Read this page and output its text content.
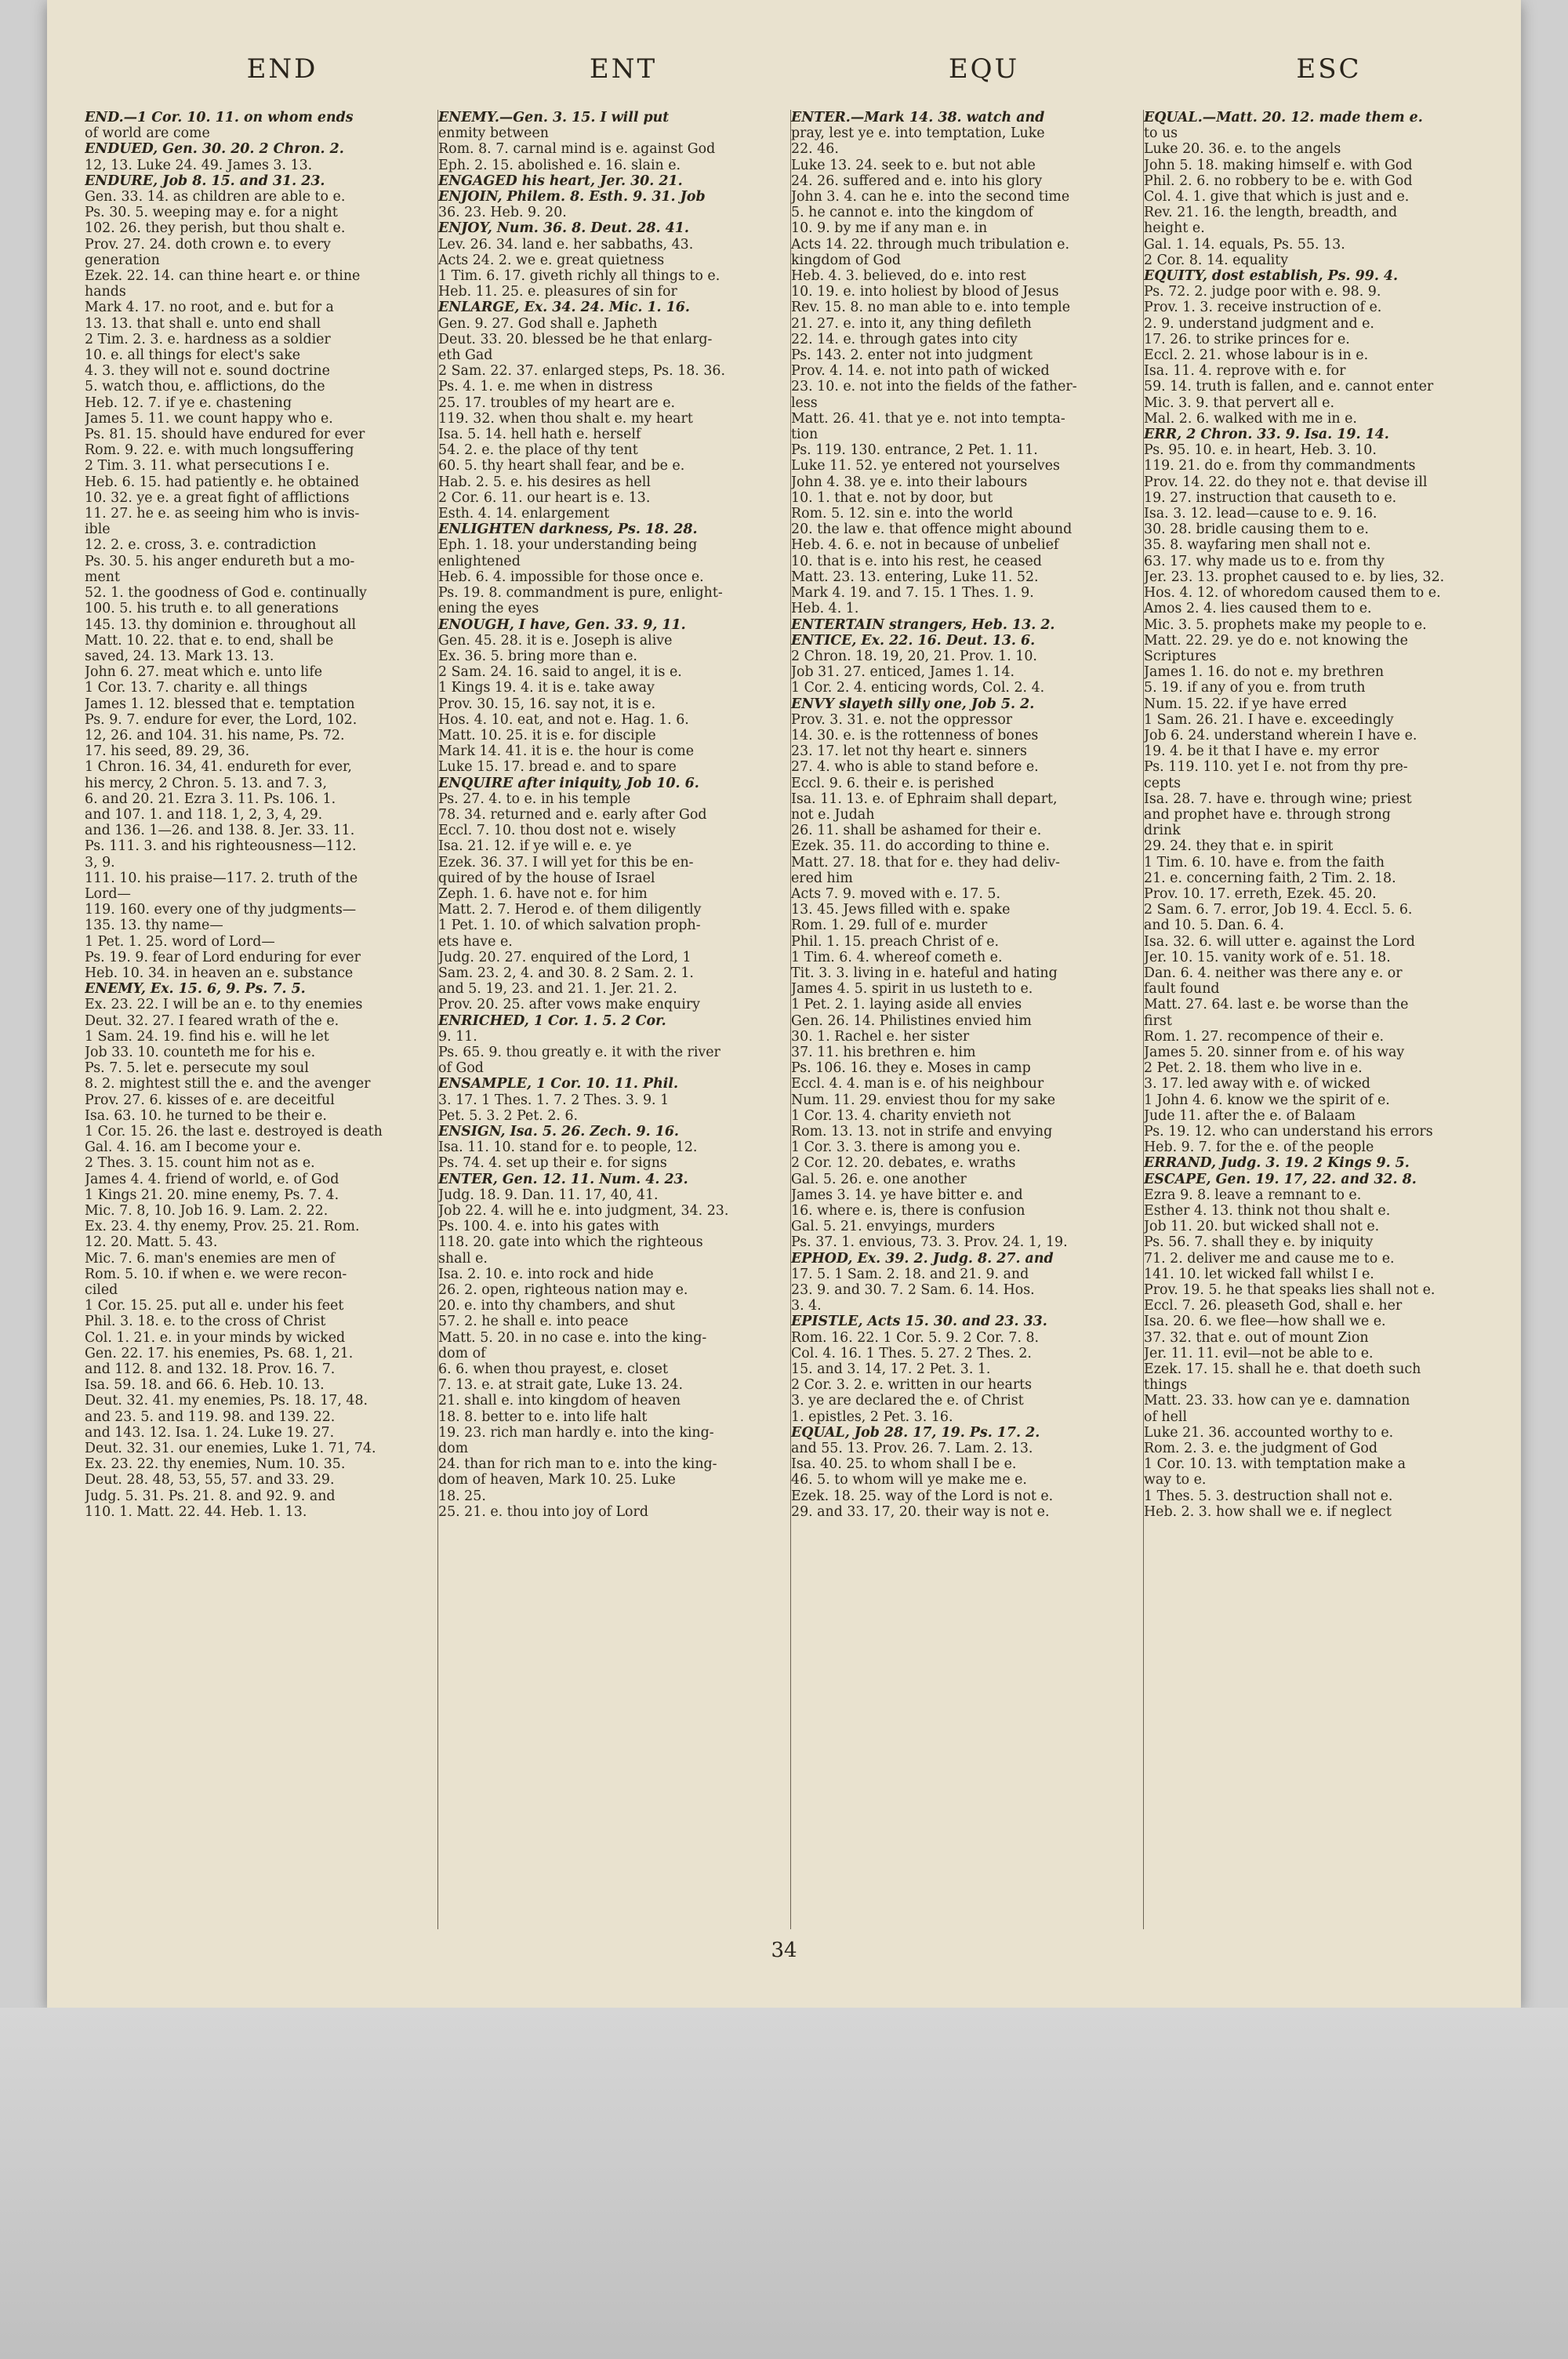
END	ENT	EQU	ESC
END.—1 Cor. 10. 11. on whom ends
of world are come
ENDUED, Gen. 30. 20. 2 Chron. 2.
12, 13. Luke 24. 49. James 3. 13.
ENDURE, Job 8. 15. and 31. 23.
Gen. 33. 14. as children are able to e.
Ps. 30. 5. weeping may e. for a night
102. 26. they perish, but thou shalt e.
Prov. 27. 24. doth crown e. to every
generation
Ezek. 22. 14. can thine heart e. or thine
hands
Mark 4. 17. no root, and e. but for a
13. 13. that shall e. unto end shall
2 Tim. 2. 3. e. hardness as a soldier
10. e. all things for elect's sake
4. 3. they will not e. sound doctrine
5. watch thou, e. afflictions, do the
Heb. 12. 7. if ye e. chastening
James 5. 11. we count happy who e.
Ps. 81. 15. should have endured for ever
Rom. 9. 22. e. with much longsuffering
2 Tim. 3. 11. what persecutions I e.
Heb. 6. 15. had patiently e. he obtained
10. 32. ye e. a great fight of afflictions
11. 27. he e. as seeing him who is invis-
ible
12. 2. e. cross, 3. e. contradiction
Ps. 30. 5. his anger endureth but a mo-
ment
52. 1. the goodness of God e. continually
100. 5. his truth e. to all generations
145. 13. thy dominion e. throughout all
Matt. 10. 22. that e. to end, shall be
saved, 24. 13. Mark 13. 13.
John 6. 27. meat which e. unto life
1 Cor. 13. 7. charity e. all things
James 1. 12. blessed that e. temptation
Ps. 9. 7. endure for ever, the Lord, 102.
12, 26. and 104. 31. his name, Ps. 72.
17. his seed, 89. 29, 36.
1 Chron. 16. 34, 41. endureth for ever,
his mercy, 2 Chron. 5. 13. and 7. 3,
6. and 20. 21. Ezra 3. 11. Ps. 106. 1.
and 107. 1. and 118. 1, 2, 3, 4, 29.
and 136. 1—26. and 138. 8. Jer. 33. 11.
Ps. 111. 3. and his righteousness—112.
3, 9.
111. 10. his praise—117. 2. truth of the
Lord—
119. 160. every one of thy judgments—
135. 13. thy name—
1 Pet. 1. 25. word of Lord—
Ps. 19. 9. fear of Lord enduring for ever
Heb. 10. 34. in heaven an e. substance
ENEMY, Ex. 15. 6, 9. Ps. 7. 5.
Ex. 23. 22. I will be an e. to thy enemies
Deut. 32. 27. I feared wrath of the e.
1 Sam. 24. 19. find his e. will he let
Job 33. 10. counteth me for his e.
Ps. 7. 5. let e. persecute my soul
8. 2. mightest still the e. and the avenger
Prov. 27. 6. kisses of e. are deceitful
Isa. 63. 10. he turned to be their e.
1 Cor. 15. 26. the last e. destroyed is death
Gal. 4. 16. am I become your e.
2 Thes. 3. 15. count him not as e.
James 4. 4. friend of world, e. of God
1 Kings 21. 20. mine enemy, Ps. 7. 4.
Mic. 7. 8, 10. Job 16. 9. Lam. 2. 22.
Ex. 23. 4. thy enemy, Prov. 25. 21. Rom.
12. 20. Matt. 5. 43.
Mic. 7. 6. man's enemies are men of
Rom. 5. 10. if when e. we were recon-
ciled
1 Cor. 15. 25. put all e. under his feet
Phil. 3. 18. e. to the cross of Christ
Col. 1. 21. e. in your minds by wicked
Gen. 22. 17. his enemies, Ps. 68. 1, 21.
and 112. 8. and 132. 18. Prov. 16. 7.
Isa. 59. 18. and 66. 6. Heb. 10. 13.
Deut. 32. 41. my enemies, Ps. 18. 17, 48.
and 23. 5. and 119. 98. and 139. 22.
and 143. 12. Isa. 1. 24. Luke 19. 27.
Deut. 32. 31. our enemies, Luke 1. 71, 74.
Ex. 23. 22. thy enemies, Num. 10. 35.
Deut. 28. 48, 53, 55, 57. and 33. 29.
Judg. 5. 31. Ps. 21. 8. and 92. 9. and
110. 1. Matt. 22. 44. Heb. 1. 13.
ENEMY.—Gen. 3. 15. I will put
enmity between
Rom. 8. 7. carnal mind is e. against God
Eph. 2. 15. abolished e. 16. slain e.
ENGAGED his heart, Jer. 30. 21.
ENJOIN, Philem. 8. Esth. 9. 31. Job
36. 23. Heb. 9. 20.
ENJOY, Num. 36. 8. Deut. 28. 41.
Lev. 26. 34. land e. her sabbaths, 43.
Acts 24. 2. we e. great quietness
1 Tim. 6. 17. giveth richly all things to e.
Heb. 11. 25. e. pleasures of sin for
ENLARGE, Ex. 34. 24. Mic. 1. 16.
Gen. 9. 27. God shall e. Japheth
Deut. 33. 20. blessed be he that enlarg-
eth Gad
2 Sam. 22. 37. enlarged steps, Ps. 18. 36.
Ps. 4. 1. e. me when in distress
25. 17. troubles of my heart are e.
119. 32. when thou shalt e. my heart
Isa. 5. 14. hell hath e. herself
54. 2. e. the place of thy tent
60. 5. thy heart shall fear, and be e.
Hab. 2. 5. e. his desires as hell
2 Cor. 6. 11. our heart is e. 13.
Esth. 4. 14. enlargement
ENLIGHTEN darkness, Ps. 18. 28.
Eph. 1. 18. your understanding being
enlightened
Heb. 6. 4. impossible for those once e.
Ps. 19. 8. commandment is pure, enlight-
ening the eyes
ENOUGH, I have, Gen. 33. 9, 11.
Gen. 45. 28. it is e. Joseph is alive
Ex. 36. 5. bring more than e.
2 Sam. 24. 16. said to angel, it is e.
1 Kings 19. 4. it is e. take away
Prov. 30. 15, 16. say not, it is e.
Hos. 4. 10. eat, and not e. Hag. 1. 6.
Matt. 10. 25. it is e. for disciple
Mark 14. 41. it is e. the hour is come
Luke 15. 17. bread e. and to spare
ENQUIRE after iniquity, Job 10. 6.
Ps. 27. 4. to e. in his temple
78. 34. returned and e. early after God
Eccl. 7. 10. thou dost not e. wisely
Isa. 21. 12. if ye will e. e. ye
Ezek. 36. 37. I will yet for this be en-
quired of by the house of Israel
Zeph. 1. 6. have not e. for him
Matt. 2. 7. Herod e. of them diligently
1 Pet. 1. 10. of which salvation proph-
ets have e.
Judg. 20. 27. enquired of the Lord, 1
Sam. 23. 2, 4. and 30. 8. 2 Sam. 2. 1.
and 5. 19, 23. and 21. 1. Jer. 21. 2.
Prov. 20. 25. after vows make enquiry
ENRICHED, 1 Cor. 1. 5. 2 Cor.
9. 11.
Ps. 65. 9. thou greatly e. it with the river
of God
ENSAMPLE, 1 Cor. 10. 11. Phil.
3. 17. 1 Thes. 1. 7. 2 Thes. 3. 9. 1
Pet. 5. 3. 2 Pet. 2. 6.
ENSIGN, Isa. 5. 26. Zech. 9. 16.
Isa. 11. 10. stand for e. to people, 12.
Ps. 74. 4. set up their e. for signs
ENTER, Gen. 12. 11. Num. 4. 23.
Judg. 18. 9. Dan. 11. 17, 40, 41.
Job 22. 4. will he e. into judgment, 34. 23.
Ps. 100. 4. e. into his gates with
118. 20. gate into which the righteous
shall e.
Isa. 2. 10. e. into rock and hide
26. 2. open, righteous nation may e.
20. e. into thy chambers, and shut
57. 2. he shall e. into peace
Matt. 5. 20. in no case e. into the king-
dom of
6. 6. when thou prayest, e. closet
7. 13. e. at strait gate, Luke 13. 24.
21. shall e. into kingdom of heaven
18. 8. better to e. into life halt
19. 23. rich man hardly e. into the king-
dom
24. than for rich man to e. into the king-
dom of heaven, Mark 10. 25. Luke
18. 25.
25. 21. e. thou into joy of Lord
ENTER.—Mark 14. 38. watch and
pray, lest ye e. into temptation, Luke
22. 46.
Luke 13. 24. seek to e. but not able
24. 26. suffered and e. into his glory
John 3. 4. can he e. into the second time
5. he cannot e. into the kingdom of
10. 9. by me if any man e. in
Acts 14. 22. through much tribulation e.
kingdom of God
Heb. 4. 3. believed, do e. into rest
10. 19. e. into holiest by blood of Jesus
Rev. 15. 8. no man able to e. into temple
21. 27. e. into it, any thing defileth
22. 14. e. through gates into city
Ps. 143. 2. enter not into judgment
Prov. 4. 14. e. not into path of wicked
23. 10. e. not into the fields of the father-
less
Matt. 26. 41. that ye e. not into tempta-
tion
Ps. 119. 130. entrance, 2 Pet. 1. 11.
Luke 11. 52. ye entered not yourselves
John 4. 38. ye e. into their labours
10. 1. that e. not by door, but
Rom. 5. 12. sin e. into the world
20. the law e. that offence might abound
Heb. 4. 6. e. not in because of unbelief
10. that is e. into his rest, he ceased
Matt. 23. 13. entering, Luke 11. 52.
Mark 4. 19. and 7. 15. 1 Thes. 1. 9.
Heb. 4. 1.
ENTERTAIN strangers, Heb. 13. 2.
ENTICE, Ex. 22. 16. Deut. 13. 6.
2 Chron. 18. 19, 20, 21. Prov. 1. 10.
Job 31. 27. enticed, James 1. 14.
1 Cor. 2. 4. enticing words, Col. 2. 4.
ENVY slayeth silly one, Job 5. 2.
Prov. 3. 31. e. not the oppressor
14. 30. e. is the rottenness of bones
23. 17. let not thy heart e. sinners
27. 4. who is able to stand before e.
Eccl. 9. 6. their e. is perished
Isa. 11. 13. e. of Ephraim shall depart,
not e. Judah
26. 11. shall be ashamed for their e.
Ezek. 35. 11. do according to thine e.
Matt. 27. 18. that for e. they had deliv-
ered him
Acts 7. 9. moved with e. 17. 5.
13. 45. Jews filled with e. spake
Rom. 1. 29. full of e. murder
Phil. 1. 15. preach Christ of e.
1 Tim. 6. 4. whereof cometh e.
Tit. 3. 3. living in e. hateful and hating
James 4. 5. spirit in us lusteth to e.
1 Pet. 2. 1. laying aside all envies
Gen. 26. 14. Philistines envied him
30. 1. Rachel e. her sister
37. 11. his brethren e. him
Ps. 106. 16. they e. Moses in camp
Eccl. 4. 4. man is e. of his neighbour
Num. 11. 29. enviest thou for my sake
1 Cor. 13. 4. charity envieth not
Rom. 13. 13. not in strife and envying
1 Cor. 3. 3. there is among you e.
2 Cor. 12. 20. debates, e. wraths
Gal. 5. 26. e. one another
James 3. 14. ye have bitter e. and
16. where e. is, there is confusion
Gal. 5. 21. envyings, murders
Ps. 37. 1. envious, 73. 3. Prov. 24. 1, 19.
EPHOD, Ex. 39. 2. Judg. 8. 27. and
17. 5. 1 Sam. 2. 18. and 21. 9. and
23. 9. and 30. 7. 2 Sam. 6. 14. Hos.
3. 4.
EPISTLE, Acts 15. 30. and 23. 33.
Rom. 16. 22. 1 Cor. 5. 9. 2 Cor. 7. 8.
Col. 4. 16. 1 Thes. 5. 27. 2 Thes. 2.
15. and 3. 14, 17. 2 Pet. 3. 1.
2 Cor. 3. 2. e. written in our hearts
3. ye are declared the e. of Christ
1. epistles, 2 Pet. 3. 16.
EQUAL, Job 28. 17, 19. Ps. 17. 2.
and 55. 13. Prov. 26. 7. Lam. 2. 13.
Isa. 40. 25. to whom shall I be e.
46. 5. to whom will ye make me e.
Ezek. 18. 25. way of the Lord is not e.
29. and 33. 17, 20. their way is not e.
EQUAL.—Matt. 20. 12. made them e.
to us
Luke 20. 36. e. to the angels
John 5. 18. making himself e. with God
Phil. 2. 6. no robbery to be e. with God
Col. 4. 1. give that which is just and e.
Rev. 21. 16. the length, breadth, and
height e.
Gal. 1. 14. equals, Ps. 55. 13.
2 Cor. 8. 14. equality
EQUITY, dost establish, Ps. 99. 4.
Ps. 72. 2. judge poor with e. 98. 9.
Prov. 1. 3. receive instruction of e.
2. 9. understand judgment and e.
17. 26. to strike princes for e.
Eccl. 2. 21. whose labour is in e.
Isa. 11. 4. reprove with e. for
59. 14. truth is fallen, and e. cannot enter
Mic. 3. 9. that pervert all e.
Mal. 2. 6. walked with me in e.
ERR, 2 Chron. 33. 9. Isa. 19. 14.
Ps. 95. 10. e. in heart, Heb. 3. 10.
119. 21. do e. from thy commandments
Prov. 14. 22. do they not e. that devise ill
19. 27. instruction that causeth to e.
Isa. 3. 12. lead—cause to e. 9. 16.
30. 28. bridle causing them to e.
35. 8. wayfaring men shall not e.
63. 17. why made us to e. from thy
Jer. 23. 13. prophet caused to e. by lies, 32.
Hos. 4. 12. of whoredom caused them to e.
Amos 2. 4. lies caused them to e.
Mic. 3. 5. prophets make my people to e.
Matt. 22. 29. ye do e. not knowing the
Scriptures
James 1. 16. do not e. my brethren
5. 19. if any of you e. from truth
Num. 15. 22. if ye have erred
1 Sam. 26. 21. I have e. exceedingly
Job 6. 24. understand wherein I have e.
19. 4. be it that I have e. my error
Ps. 119. 110. yet I e. not from thy pre-
cepts
Isa. 28. 7. have e. through wine; priest
and prophet have e. through strong
drink
29. 24. they that e. in spirit
1 Tim. 6. 10. have e. from the faith
21. e. concerning faith, 2 Tim. 2. 18.
Prov. 10. 17. erreth, Ezek. 45. 20.
2 Sam. 6. 7. error, Job 19. 4. Eccl. 5. 6.
and 10. 5. Dan. 6. 4.
Isa. 32. 6. will utter e. against the Lord
Jer. 10. 15. vanity work of e. 51. 18.
Dan. 6. 4. neither was there any e. or
fault found
Matt. 27. 64. last e. be worse than the
first
Rom. 1. 27. recompence of their e.
James 5. 20. sinner from e. of his way
2 Pet. 2. 18. them who live in e.
3. 17. led away with e. of wicked
1 John 4. 6. know we the spirit of e.
Jude 11. after the e. of Balaam
Ps. 19. 12. who can understand his errors
Heb. 9. 7. for the e. of the people
ERRAND, Judg. 3. 19. 2 Kings 9. 5.
ESCAPE, Gen. 19. 17, 22. and 32. 8.
Ezra 9. 8. leave a remnant to e.
Esther 4. 13. think not thou shalt e.
Job 11. 20. but wicked shall not e.
Ps. 56. 7. shall they e. by iniquity
71. 2. deliver me and cause me to e.
141. 10. let wicked fall whilst I e.
Prov. 19. 5. he that speaks lies shall not e.
Eccl. 7. 26. pleaseth God, shall e. her
Isa. 20. 6. we flee—how shall we e.
37. 32. that e. out of mount Zion
Jer. 11. 11. evil—not be able to e.
Ezek. 17. 15. shall he e. that doeth such
things
Matt. 23. 33. how can ye e. damnation
of hell
Luke 21. 36. accounted worthy to e.
Rom. 2. 3. e. the judgment of God
1 Cor. 10. 13. with temptation make a
way to e.
1 Thes. 5. 3. destruction shall not e.
Heb. 2. 3. how shall we e. if neglect
34
